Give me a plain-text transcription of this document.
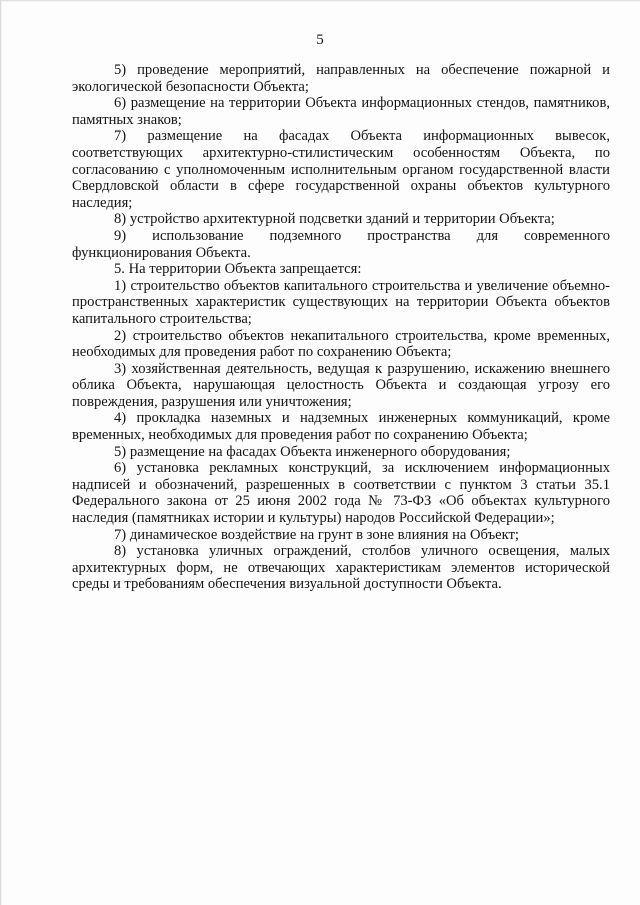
5

5) проведение мероприятий, направленных на обеспечение пожарной и экологической безопасности Объекта;

6) размещение на территории Объекта информационных стендов, памятников, памятных знаков;

7) размещение на фасадах Объекта информационных вывесок, соответствующих архитектурно-стилистическим особенностям Объекта, по согласованию с уполномоченным исполнительным органом государственной власти Свердловской области в сфере государственной охраны объектов культурного наследия;

8) устройство архитектурной подсветки зданий и территории Объекта;

9) использование подземного пространства для современного функционирования Объекта.

5. На территории Объекта запрещается:

1) строительство объектов капитального строительства и увеличение объемно-пространственных характеристик существующих на территории Объекта объектов капитального строительства;

2) строительство объектов некапитального строительства, кроме временных, необходимых для проведения работ по сохранению Объекта;

3) хозяйственная деятельность, ведущая к разрушению, искажению внешнего облика Объекта, нарушающая целостность Объекта и создающая угрозу его повреждения, разрушения или уничтожения;

4) прокладка наземных и надземных инженерных коммуникаций, кроме временных, необходимых для проведения работ по сохранению Объекта;

5) размещение на фасадах Объекта инженерного оборудования;

6) установка рекламных конструкций, за исключением информационных надписей и обозначений, разрешенных в соответствии с пунктом 3 статьи 35.1 Федерального закона от 25 июня 2002 года № 73-ФЗ «Об объектах культурного наследия (памятниках истории и культуры) народов Российской Федерации»;

7) динамическое воздействие на грунт в зоне влияния на Объект;

8) установка уличных ограждений, столбов уличного освещения, малых архитектурных форм, не отвечающих характеристикам элементов исторической среды и требованиям обеспечения визуальной доступности Объекта.
